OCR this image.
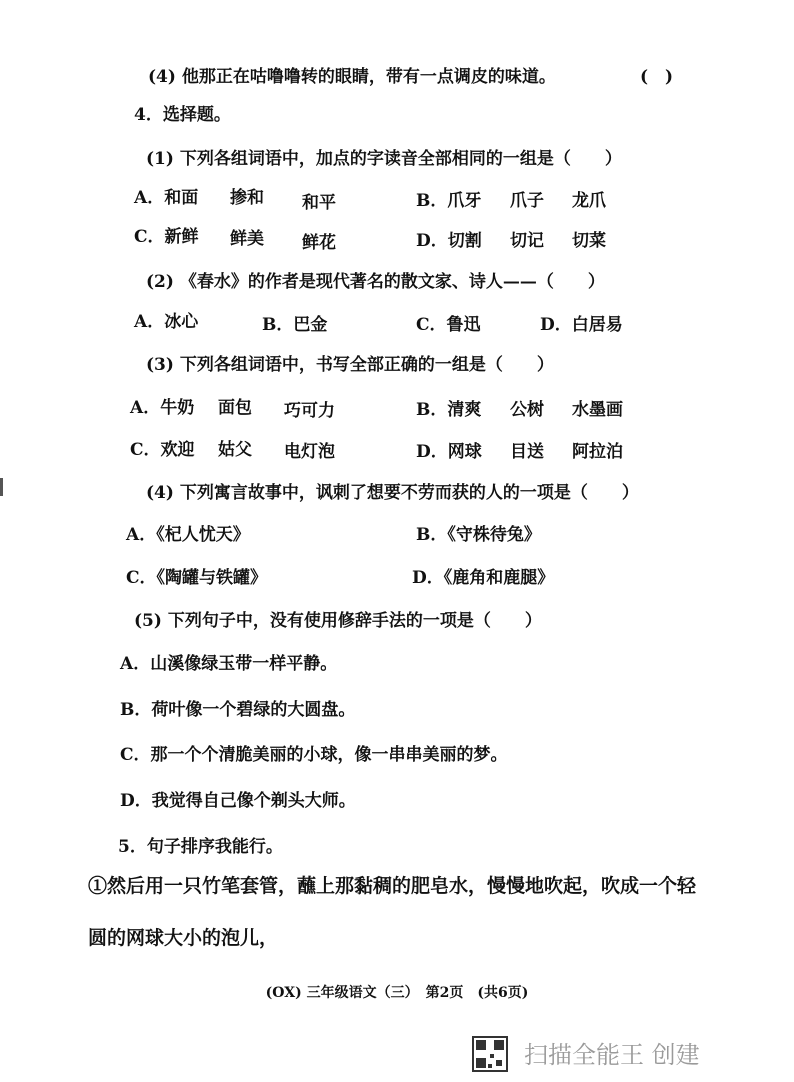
(4) 他那正在咕噜噜转的眼睛，带有一点调皮的味道。	(　)
4．选择题。
(1) 下列各组词语中，加点的字读音全部相同的一组是（　　）
A．和面 掺和 和平	B．爪牙 爪子 龙爪
C．新鲜 鲜美 鲜花	D．切割 切记 切菜
(2) 《春水》的作者是现代著名的散文家、诗人——（　　）
A．冰心	B．巴金	C．鲁迅	D．白居易
(3) 下列各组词语中，书写全部正确的一组是（　　）
A．牛奶 面包 巧可力	B．清爽 公树 水墨画
C．欢迎 姑父 电灯泡	D．网球 目送 阿拉泊
(4) 下列寓言故事中，讽刺了想要不劳而获的人的一项是（　　）
A．《杞人忧天》	B．《守株待兔》
C．《陶罐与铁罐》	D．《鹿角和鹿腿》
(5) 下列句子中，没有使用修辞手法的一项是（　　）
A．山溪像绿玉带一样平静。
B．荷叶像一个碧绿的大圆盘。
C．那一个个清脆美丽的小球，像一串串美丽的梦。
D．我觉得自己像个剃头大师。
5．句子排序我能行。
①然后用一只竹笔套管，蘸上那黏稠的肥皂水，慢慢地吹起，吹成一个轻
圆的网球大小的泡儿，
(OX) 三年级语文（三）　第2页　(共6页)
扫描全能王 创建
